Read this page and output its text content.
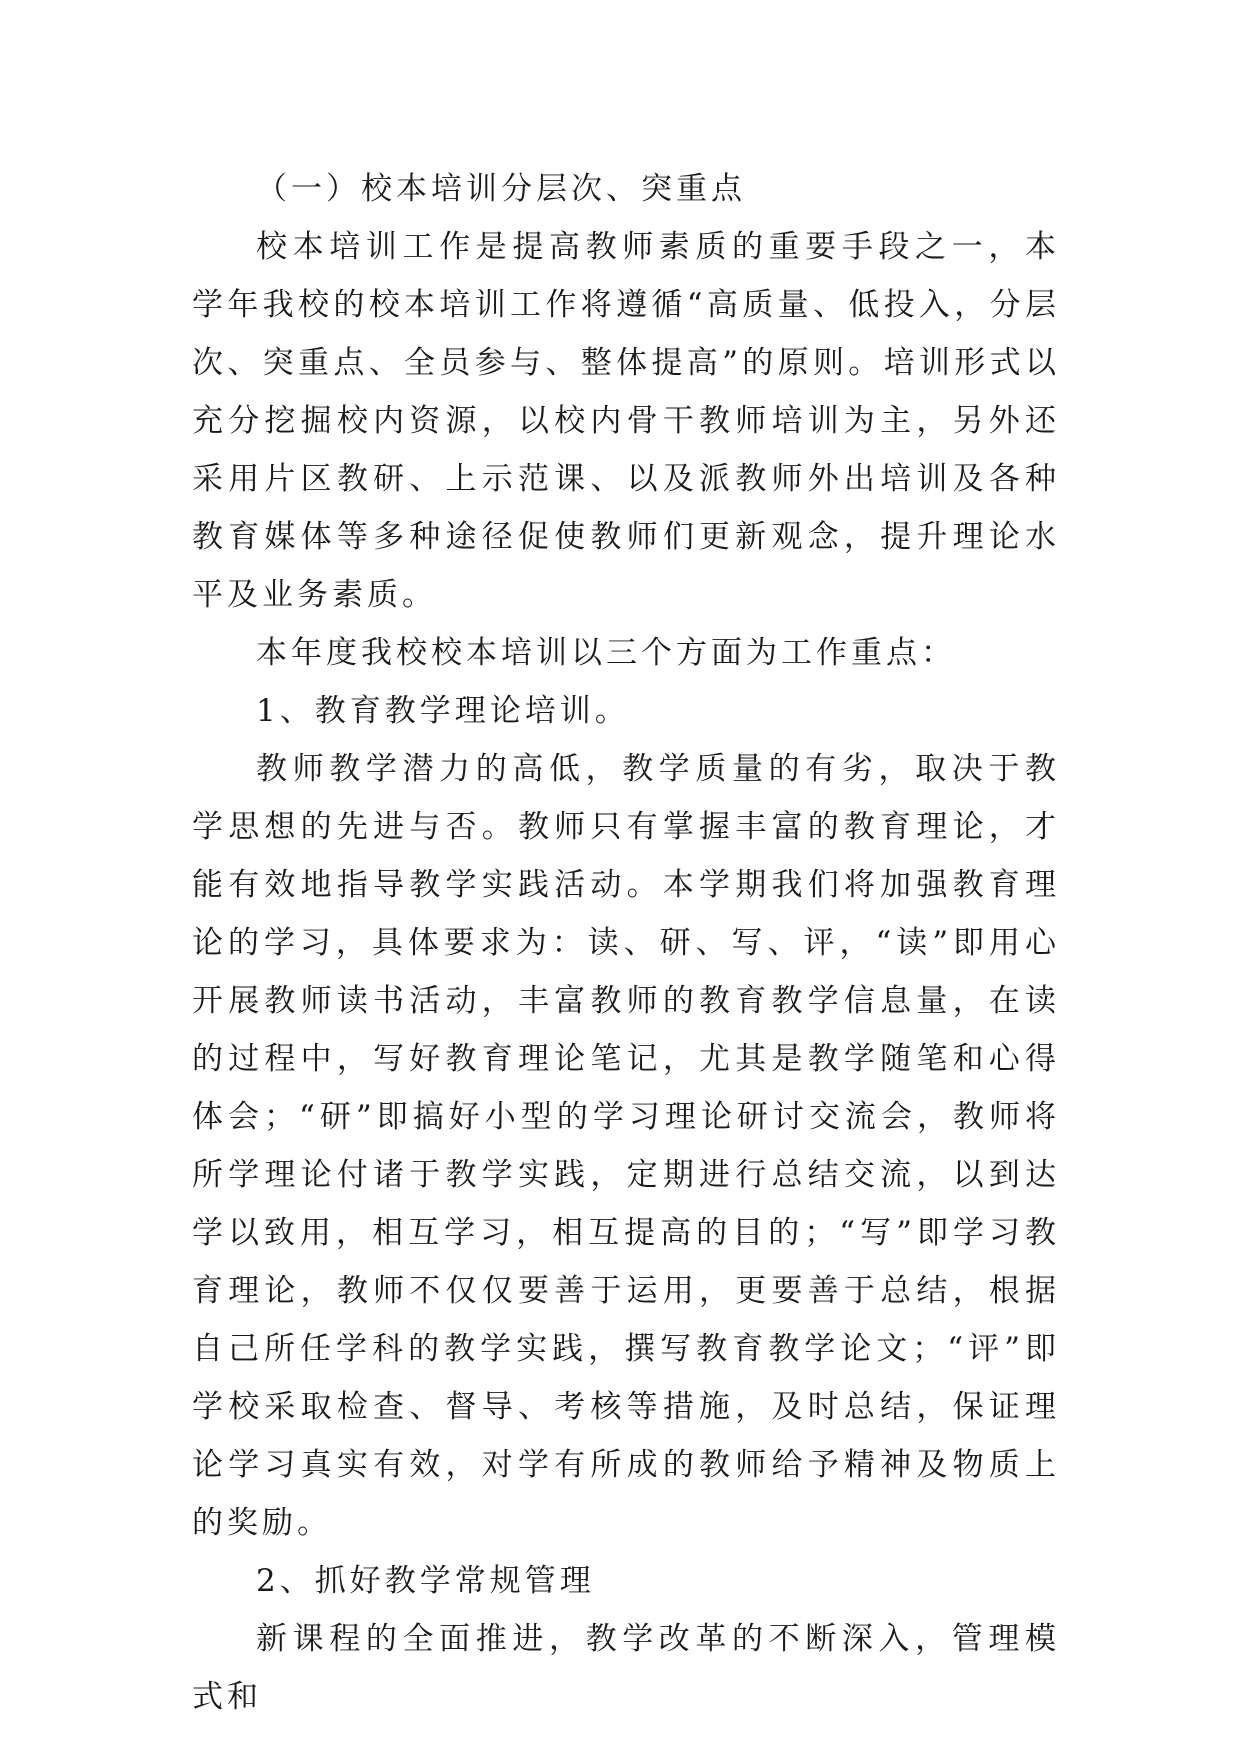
（一）校本培训分层次、突重点

校本培训工作是提高教师素质的重要手段之一，本学年我校的校本培训工作将遵循“高质量、低投入，分层次、突重点、全员参与、整体提高”的原则。培训形式以充分挖掘校内资源，以校内骨干教师培训为主，另外还采用片区教研、上示范课、以及派教师外出培训及各种教育媒体等多种途径促使教师们更新观念，提升理论水平及业务素质。

本年度我校校本培训以三个方面为工作重点：

1、教育教学理论培训。

教师教学潜力的高低，教学质量的有劣，取决于教学思想的先进与否。教师只有掌握丰富的教育理论，才能有效地指导教学实践活动。本学期我们将加强教育理论的学习，具体要求为：读、研、写、评，“读”即用心开展教师读书活动，丰富教师的教育教学信息量，在读的过程中，写好教育理论笔记，尤其是教学随笔和心得体会；“研”即搞好小型的学习理论研讨交流会，教师将所学理论付诸于教学实践，定期进行总结交流，以到达学以致用，相互学习，相互提高的目的；“写”即学习教育理论，教师不仅仅要善于运用，更要善于总结，根据自己所任学科的教学实践，撰写教育教学论文；“评”即学校采取检查、督导、考核等措施，及时总结，保证理论学习真实有效，对学有所成的教师给予精神及物质上的奖励。

2、抓好教学常规管理

新课程的全面推进，教学改革的不断深入，管理模式和
